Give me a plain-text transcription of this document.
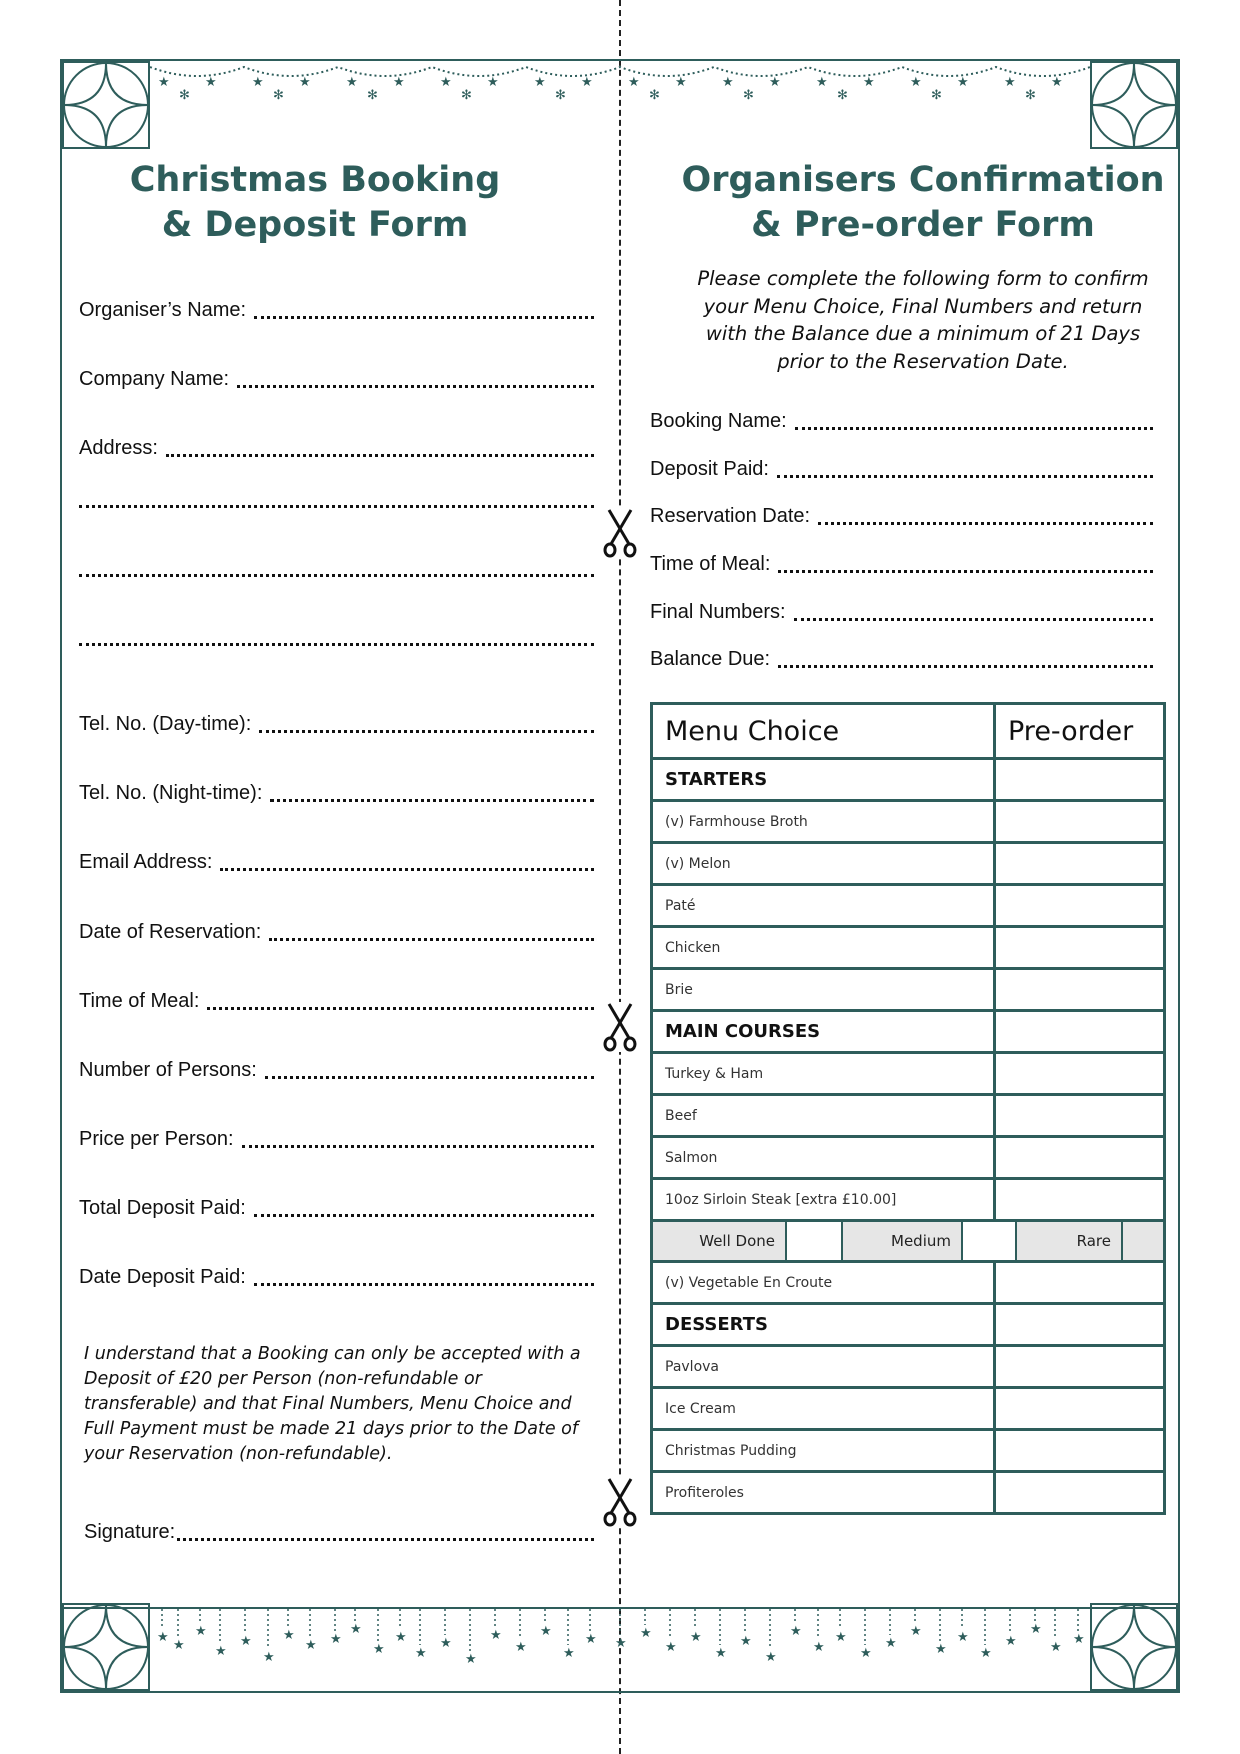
★	★	★	★	★	★	★	★	★	★	★	★	★	★	★	★	★	★	★	★
✻	✻	✻	✻	✻	✻	✻	✻	✻	✻
★
★
★
★
★
★
★
★ ★
★
★
★
★
★
★
★
★
★
★
★ ★
★
★
★
★
★
★
★
★
★
★
★
★
★
★
★
★
★
★
★
Christmas Booking
& Deposit Form
Organiser’s Name:
Company Name:
Address:
Tel. No. (Day-time):
Tel. No. (Night-time):
Email Address:
Date of Reservation:
Time of Meal:
Number of Persons:
Price per Person:
Total Deposit Paid:
Date Deposit Paid:
I understand that a Booking can only be accepted with a Deposit of £20 per Person (non-refundable or transferable) and that Final Numbers, Menu Choice and Full Payment must be made 21 days prior to the Date of your Reservation (non-refundable).
Signature:
Organisers Confirmation
& Pre-order Form
Please complete the following form to confirm your Menu Choice, Final Numbers and return with the Balance due a minimum of 21 Days prior to the Reservation Date.
Booking Name:
Deposit Paid:
Reservation Date:
Time of Meal:
Final Numbers:
Balance Due:
Menu Choice	Pre-order
STARTERS	
(v) Farmhouse Broth	
(v) Melon	
Paté	
Chicken	
Brie	
MAIN COURSES	
Turkey & Ham	
Beef	
Salmon	
10oz Sirloin Steak [extra £10.00]	

Well Done Medium Rare	

(v) Vegetable En Croute	
DESSERTS	
Pavlova	
Ice Cream	
Christmas Pudding	
Profiteroles	
